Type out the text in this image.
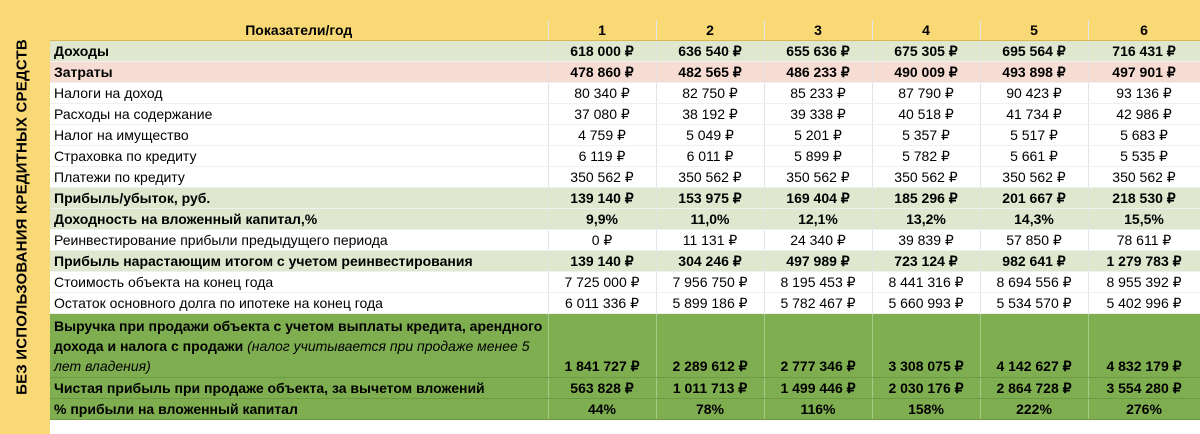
БЕЗ ИСПОЛЬЗОВАНИЯ КРЕДИТНЫХ СРЕДСТВ
Показатели/год	1	2	3	4	5	6
Доходы	618 000 ₽	636 540 ₽	655 636 ₽	675 305 ₽	695 564 ₽	716 431 ₽
Затраты	478 860 ₽	482 565 ₽	486 233 ₽	490 009 ₽	493 898 ₽	497 901 ₽
Налоги на доход	80 340 ₽	82 750 ₽	85 233 ₽	87 790 ₽	90 423 ₽	93 136 ₽
Расходы на содержание	37 080 ₽	38 192 ₽	39 338 ₽	40 518 ₽	41 734 ₽	42 986 ₽
Налог на имущество	4 759 ₽	5 049 ₽	5 201 ₽	5 357 ₽	5 517 ₽	5 683 ₽
Страховка по кредиту	6 119 ₽	6 011 ₽	5 899 ₽	5 782 ₽	5 661 ₽	5 535 ₽
Платежи по кредиту	350 562 ₽	350 562 ₽	350 562 ₽	350 562 ₽	350 562 ₽	350 562 ₽
Прибыль/убыток, руб.	139 140 ₽	153 975 ₽	169 404 ₽	185 296 ₽	201 667 ₽	218 530 ₽
Доходность на вложенный капитал,%	9,9%	11,0%	12,1%	13,2%	14,3%	15,5%
Реинвестирование прибыли предыдущего периода	0 ₽	11 131 ₽	24 340 ₽	39 839 ₽	57 850 ₽	78 611 ₽
Прибыль нарастающим итогом с учетом реинвестирования	139 140 ₽	304 246 ₽	497 989 ₽	723 124 ₽	982 641 ₽	1 279 783 ₽
Стоимость объекта на конец года	7 725 000 ₽	7 956 750 ₽	8 195 453 ₽	8 441 316 ₽	8 694 556 ₽	8 955 392 ₽
Остаток основного долга по ипотеке на конец года	6 011 336 ₽	5 899 186 ₽	5 782 467 ₽	5 660 993 ₽	5 534 570 ₽	5 402 996 ₽
Выручка при продажи объекта с учетом выплаты кредита, арендного дохода и налога с продажи (налог учитывается при продаже менее 5 лет владения)	1 841 727 ₽	2 289 612 ₽	2 777 346 ₽	3 308 075 ₽	4 142 627 ₽	4 832 179 ₽
Чистая прибыль при продаже объекта, за вычетом вложений	563 828 ₽	1 011 713 ₽	1 499 446 ₽	2 030 176 ₽	2 864 728 ₽	3 554 280 ₽
% прибыли на вложенный капитал	44%	78%	116%	158%	222%	276%
